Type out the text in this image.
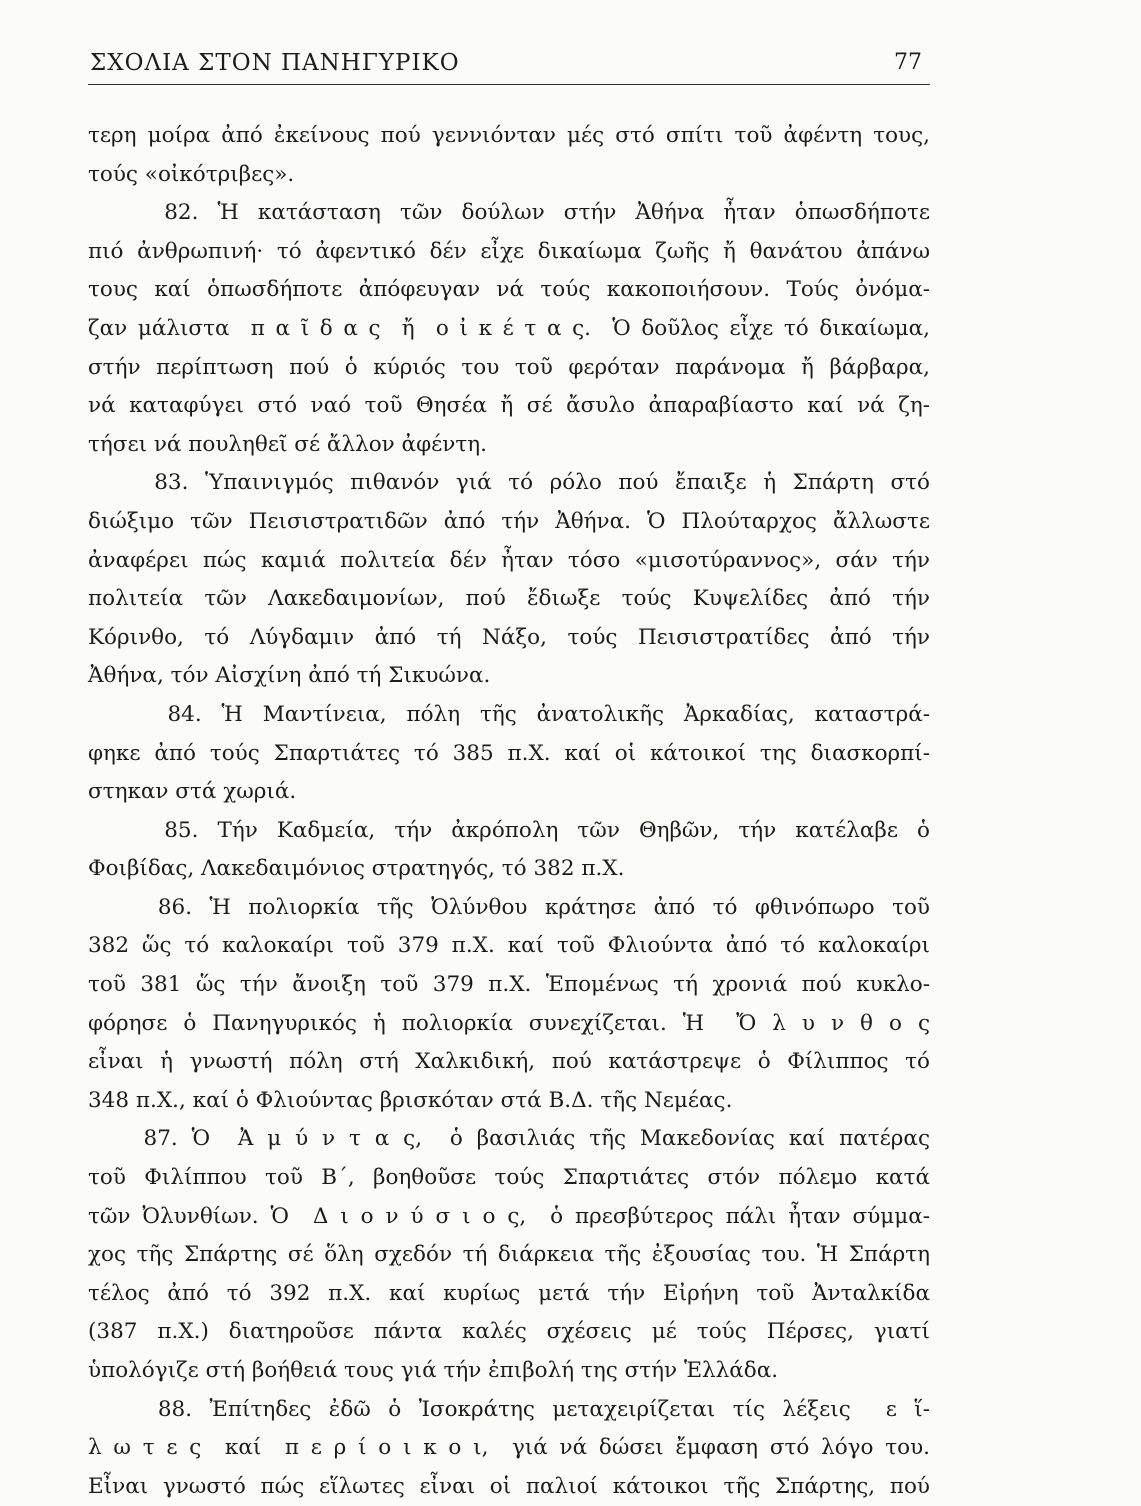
ΣΧΟΛΙΑ ΣΤΟΝ ΠΑΝΗΓΥΡΙΚΟ	77
τερη μοίρα ἀπό ἐκείνους πού γεννιόνταν μές στό σπίτι τοῦ ἀφέντη τους,
τούς «οἰκότριβες».
82. Ἡ κατάσταση τῶν δούλων στήν Ἀθήνα ἦταν ὁπωσδήποτε
πιό ἀνθρωπινή· τό ἀφεντικό δέν εἶχε δικαίωμα ζωῆς ἤ θανάτου ἀπάνω
τους καί ὁπωσδήποτε ἀπόφευγαν νά τούς κακοποιήσουν. Τούς ὀνόμα-
ζαν μάλιστα  π α ῖ δ α ς  ἤ  ο ἰ κ έ τ α ς.  Ὁ δοῦλος εἶχε τό δικαίωμα,
στήν περίπτωση πού ὁ κύριός του τοῦ φερόταν παράνομα ἤ βάρβαρα,
νά καταφύγει στό ναό τοῦ Θησέα ἤ σέ ἄσυλο ἀπαραβίαστο καί νά ζη-
τήσει νά πουληθεῖ σέ ἄλλον ἀφέντη.
83. Ὑπαινιγμός πιθανόν γιά τό ρόλο πού ἔπαιξε ἡ Σπάρτη στό
διώξιμο τῶν Πεισιστρατιδῶν ἀπό τήν Ἀθήνα. Ὁ Πλούταρχος ἄλλωστε
ἀναφέρει πώς καμιά πολιτεία δέν ἦταν τόσο «μισοτύραννος», σάν τήν
πολιτεία τῶν Λακεδαιμονίων, πού ἔδιωξε τούς Κυψελίδες ἀπό τήν
Κόρινθο, τό Λύγδαμιν ἀπό τή Νάξο, τούς Πεισιστρατίδες ἀπό τήν
Ἀθήνα, τόν Αἰσχίνη ἀπό τή Σικυώνα.
84. Ἡ Μαντίνεια, πόλη τῆς ἀνατολικῆς Ἀρκαδίας, καταστρά-
φηκε ἀπό τούς Σπαρτιάτες τό 385 π.Χ. καί οἱ κάτοικοί της διασκορπί-
στηκαν στά χωριά.
85. Τήν Καδμεία, τήν ἀκρόπολη τῶν Θηβῶν, τήν κατέλαβε ὁ
Φοιβίδας, Λακεδαιμόνιος στρατηγός, τό 382 π.Χ.
86. Ἡ πολιορκία τῆς Ὀλύνθου κράτησε ἀπό τό φθινόπωρο τοῦ
382 ὥς τό καλοκαίρι τοῦ 379 π.Χ. καί τοῦ Φλιούντα ἀπό τό καλοκαίρι
τοῦ 381 ὥς τήν ἄνοιξη τοῦ 379 π.Χ. Ἑπομένως τή χρονιά πού κυκλο-
φόρησε ὁ Πανηγυρικός ἡ πολιορκία συνεχίζεται. Ἡ  Ὄ λ υ ν θ ο ς
εἶναι ἡ γνωστή πόλη στή Χαλκιδική, πού κατάστρεψε ὁ Φίλιππος τό
348 π.Χ., καί ὁ Φλιούντας βρισκόταν στά Β.Δ. τῆς Νεμέας.
87. Ὁ  Ἀ μ ύ ν τ α ς,  ὁ βασιλιάς τῆς Μακεδονίας καί πατέρας
τοῦ Φιλίππου τοῦ Β΄, βοηθοῦσε τούς Σπαρτιάτες στόν πόλεμο κατά
τῶν Ὀλυνθίων. Ὁ  Δ ι ο ν ύ σ ι ο ς,  ὁ πρεσβύτερος πάλι ἦταν σύμμα-
χος τῆς Σπάρτης σέ ὅλη σχεδόν τή διάρκεια τῆς ἐξουσίας του. Ἡ Σπάρτη
τέλος ἀπό τό 392 π.Χ. καί κυρίως μετά τήν Εἰρήνη τοῦ Ἀνταλκίδα
(387 π.Χ.) διατηροῦσε πάντα καλές σχέσεις μέ τούς Πέρσες, γιατί
ὑπολόγιζε στή βοήθειά τους γιά τήν ἐπιβολή της στήν Ἑλλάδα.
88. Ἐπίτηδες ἐδῶ ὁ Ἰσοκράτης μεταχειρίζεται τίς λέξεις  ε ἵ-
λ ω τ ε ς  καί  π ε ρ ί ο ι κ ο ι,  γιά νά δώσει ἔμφαση στό λόγο του.
Εἶναι γνωστό πώς εἵλωτες εἶναι οἱ παλιοί κάτοικοι τῆς Σπάρτης, πού
